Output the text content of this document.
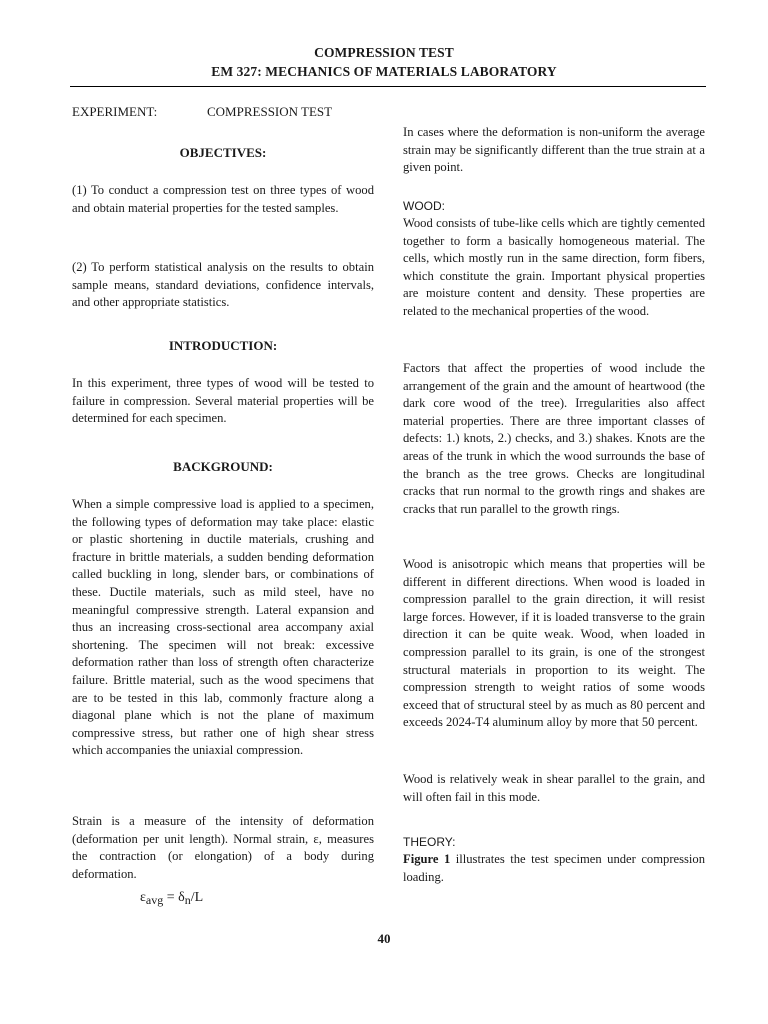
COMPRESSION TEST
EM 327: MECHANICS OF MATERIALS LABORATORY
EXPERIMENT:	COMPRESSION TEST
OBJECTIVES:

(1) To conduct a compression test on three types of wood and obtain material properties for the tested samples.

(2) To perform statistical analysis on the results to obtain sample means, standard deviations, confidence intervals, and other appropriate statistics.

INTRODUCTION:

In this experiment, three types of wood will be tested to failure in compression. Several material properties will be determined for each specimen.

BACKGROUND:

When a simple compressive load is applied to a specimen, the following types of deformation may take place: elastic or plastic shortening in ductile materials, crushing and fracture in brittle materials, a sudden bending deformation called buckling in long, slender bars, or combinations of these. Ductile materials, such as mild steel, have no meaningful compressive strength. Lateral expansion and thus an increasing cross-sectional area accompany axial shortening. The specimen will not break: excessive deformation rather than loss of strength often characterize failure. Brittle material, such as the wood specimens that are to be tested in this lab, commonly fracture along a diagonal plane which is not the plane of maximum compressive stress, but rather one of high shear stress which accompanies the uniaxial compression.

Strain is a measure of the intensity of deformation (deformation per unit length). Normal strain, ε, measures the contraction (or elongation) of a body during deformation.

$\varepsilon_{avg} = \delta_n/L$

In cases where the deformation is non-uniform the average strain may be significantly different than the true strain at a given point.

WOOD:

Wood consists of tube-like cells which are tightly cemented together to form a basically homogeneous material. The cells, which mostly run in the same direction, form fibers, which constitute the grain. Important physical properties are moisture content and density. These properties are related to the mechanical properties of the wood.

Factors that affect the properties of wood include the arrangement of the grain and the amount of heartwood (the dark core wood of the tree). Irregularities also affect material properties. There are three important classes of defects: 1.) knots, 2.) checks, and 3.) shakes. Knots are the areas of the trunk in which the wood surrounds the base of the branch as the tree grows. Checks are longitudinal cracks that run normal to the growth rings and shakes are cracks that run parallel to the growth rings.

Wood is anisotropic which means that properties will be different in different directions. When wood is loaded in compression parallel to the grain direction, it will resist large forces. However, if it is loaded transverse to the grain direction it can be quite weak. Wood, when loaded in compression parallel to its grain, is one of the strongest structural materials in proportion to its weight. The compression strength to weight ratios of some woods exceed that of structural steel by as much as 80 percent and exceeds 2024-T4 aluminum alloy by more that 50 percent.

Wood is relatively weak in shear parallel to the grain, and will often fail in this mode.

THEORY:

Figure 1 illustrates the test specimen under compression loading.

40
